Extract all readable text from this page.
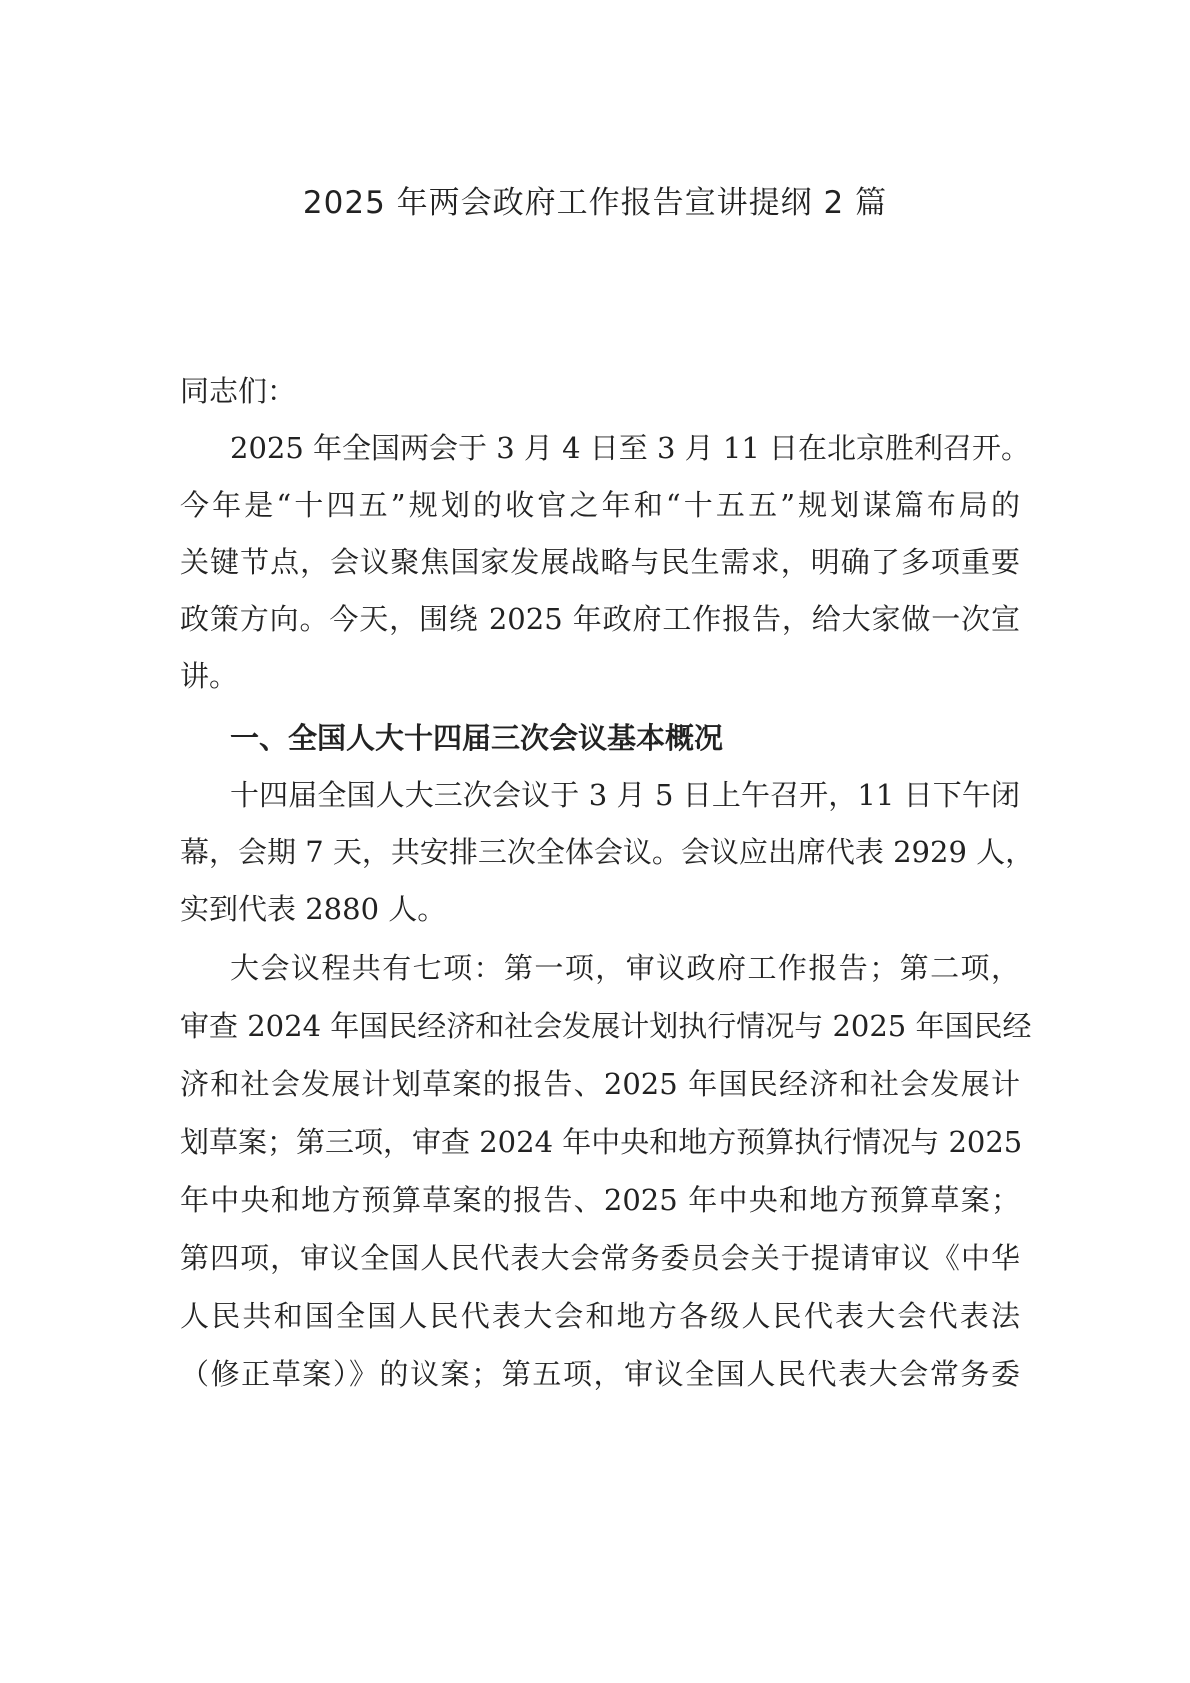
2025 年两会政府工作报告宣讲提纲 2 篇
同志们：
2025 年全国两会于 3 月 4 日至 3 月 11 日在北京胜利召开。
今年是“十四五”规划的收官之年和“十五五”规划谋篇布局的
关键节点，会议聚焦国家发展战略与民生需求，明确了多项重要
政策方向。今天，围绕 2025 年政府工作报告，给大家做一次宣
讲。
一、全国人大十四届三次会议基本概况
十四届全国人大三次会议于 3 月 5 日上午召开，11 日下午闭
幕，会期 7 天，共安排三次全体会议。会议应出席代表 2929 人，
实到代表 2880 人。
大会议程共有七项：第一项，审议政府工作报告；第二项，
审查 2024 年国民经济和社会发展计划执行情况与 2025 年国民经
济和社会发展计划草案的报告、2025 年国民经济和社会发展计
划草案；第三项，审查 2024 年中央和地方预算执行情况与 2025
年中央和地方预算草案的报告、2025 年中央和地方预算草案；
第四项，审议全国人民代表大会常务委员会关于提请审议《中华
人民共和国全国人民代表大会和地方各级人民代表大会代表法
（修正草案）》的议案；第五项，审议全国人民代表大会常务委
